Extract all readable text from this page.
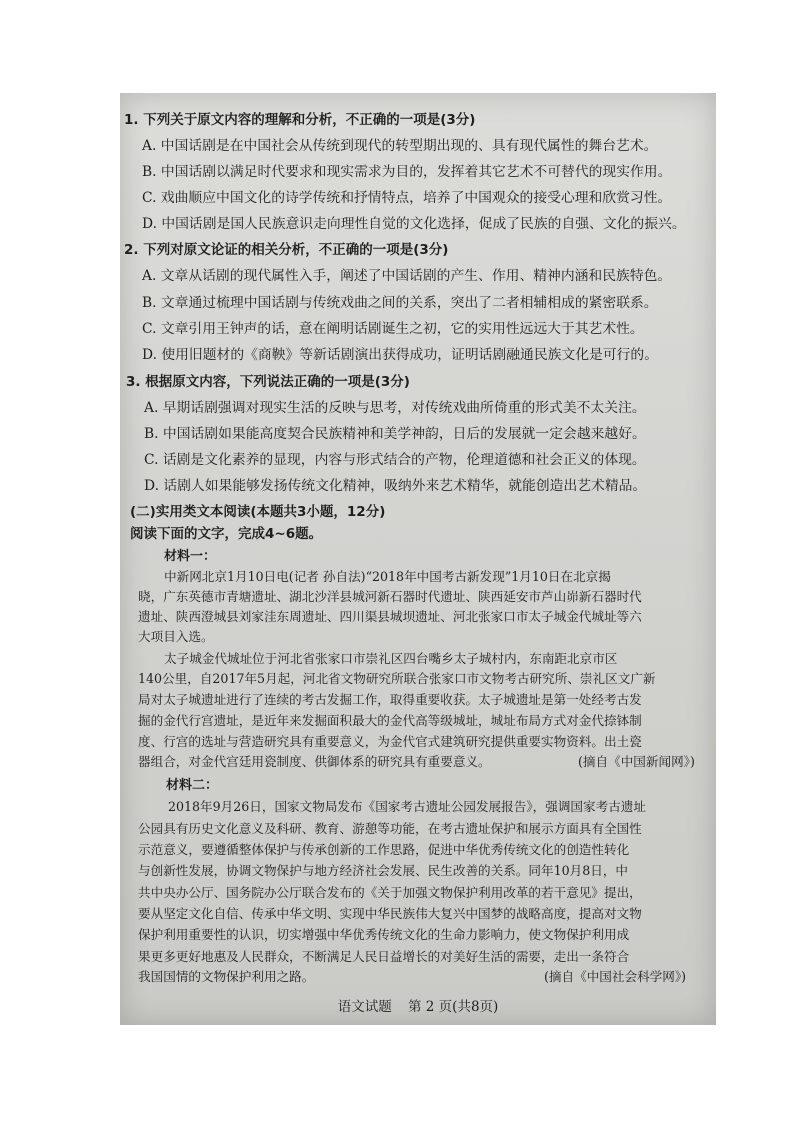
1. 下列关于原文内容的理解和分析，不正确的一项是(3分)
A. 中国话剧是在中国社会从传统到现代的转型期出现的、具有现代属性的舞台艺术。
B. 中国话剧以满足时代要求和现实需求为目的，发挥着其它艺术不可替代的现实作用。
C. 戏曲顺应中国文化的诗学传统和抒情特点，培养了中国观众的接受心理和欣赏习性。
D. 中国话剧是国人民族意识走向理性自觉的文化选择，促成了民族的自强、文化的振兴。
2. 下列对原文论证的相关分析，不正确的一项是(3分)
A. 文章从话剧的现代属性入手，阐述了中国话剧的产生、作用、精神内涵和民族特色。
B. 文章通过梳理中国话剧与传统戏曲之间的关系，突出了二者相辅相成的紧密联系。
C. 文章引用王钟声的话，意在阐明话剧诞生之初，它的实用性远远大于其艺术性。
D. 使用旧题材的《商鞅》等新话剧演出获得成功，证明话剧融通民族文化是可行的。
3. 根据原文内容，下列说法正确的一项是(3分)
A. 早期话剧强调对现实生活的反映与思考，对传统戏曲所倚重的形式美不太关注。
B. 中国话剧如果能高度契合民族精神和美学神韵，日后的发展就一定会越来越好。
C. 话剧是文化素养的显现，内容与形式结合的产物，伦理道德和社会正义的体现。
D. 话剧人如果能够发扬传统文化精神，吸纳外来艺术精华，就能创造出艺术精品。
(二)实用类文本阅读(本题共3小题，12分)
阅读下面的文字，完成4~6题。
材料一：
中新网北京1月10日电(记者 孙自法)“2018年中国考古新发现”1月10日在北京揭
晓，广东英德市青塘遗址、湖北沙洋县城河新石器时代遗址、陕西延安市芦山峁新石器时代
遗址、陕西澄城县刘家洼东周遗址、四川渠县城坝遗址、河北张家口市太子城金代城址等六
大项目入选。
太子城金代城址位于河北省张家口市崇礼区四台嘴乡太子城村内，东南距北京市区
140公里，自2017年5月起，河北省文物研究所联合张家口市文物考古研究所、崇礼区文广新
局对太子城遗址进行了连续的考古发掘工作，取得重要收获。太子城遗址是第一处经考古发
掘的金代行宫遗址，是近年来发掘面积最大的金代高等级城址，城址布局方式对金代捺钵制
度、行宫的选址与营造研究具有重要意义，为金代官式建筑研究提供重要实物资料。出土瓷
器组合，对金代宫廷用瓷制度、供御体系的研究具有重要意义。	(摘自《中国新闻网》)
材料二：
2018年9月26日，国家文物局发布《国家考古遗址公园发展报告》，强调国家考古遗址
公园具有历史文化意义及科研、教育、游憩等功能，在考古遗址保护和展示方面具有全国性
示范意义，要遵循整体保护与传承创新的工作思路，促进中华优秀传统文化的创造性转化
与创新性发展，协调文物保护与地方经济社会发展、民生改善的关系。同年10月8日，中
共中央办公厅、国务院办公厅联合发布的《关于加强文物保护利用改革的若干意见》提出，
要从坚定文化自信、传承中华文明、实现中华民族伟大复兴中国梦的战略高度，提高对文物
保护利用重要性的认识，切实增强中华优秀传统文化的生命力影响力，使文物保护利用成
果更多更好地惠及人民群众，不断满足人民日益增长的对美好生活的需要，走出一条符合
我国国情的文物保护利用之路。	(摘自《中国社会科学网》)
语文试题 第 2 页(共8页)
